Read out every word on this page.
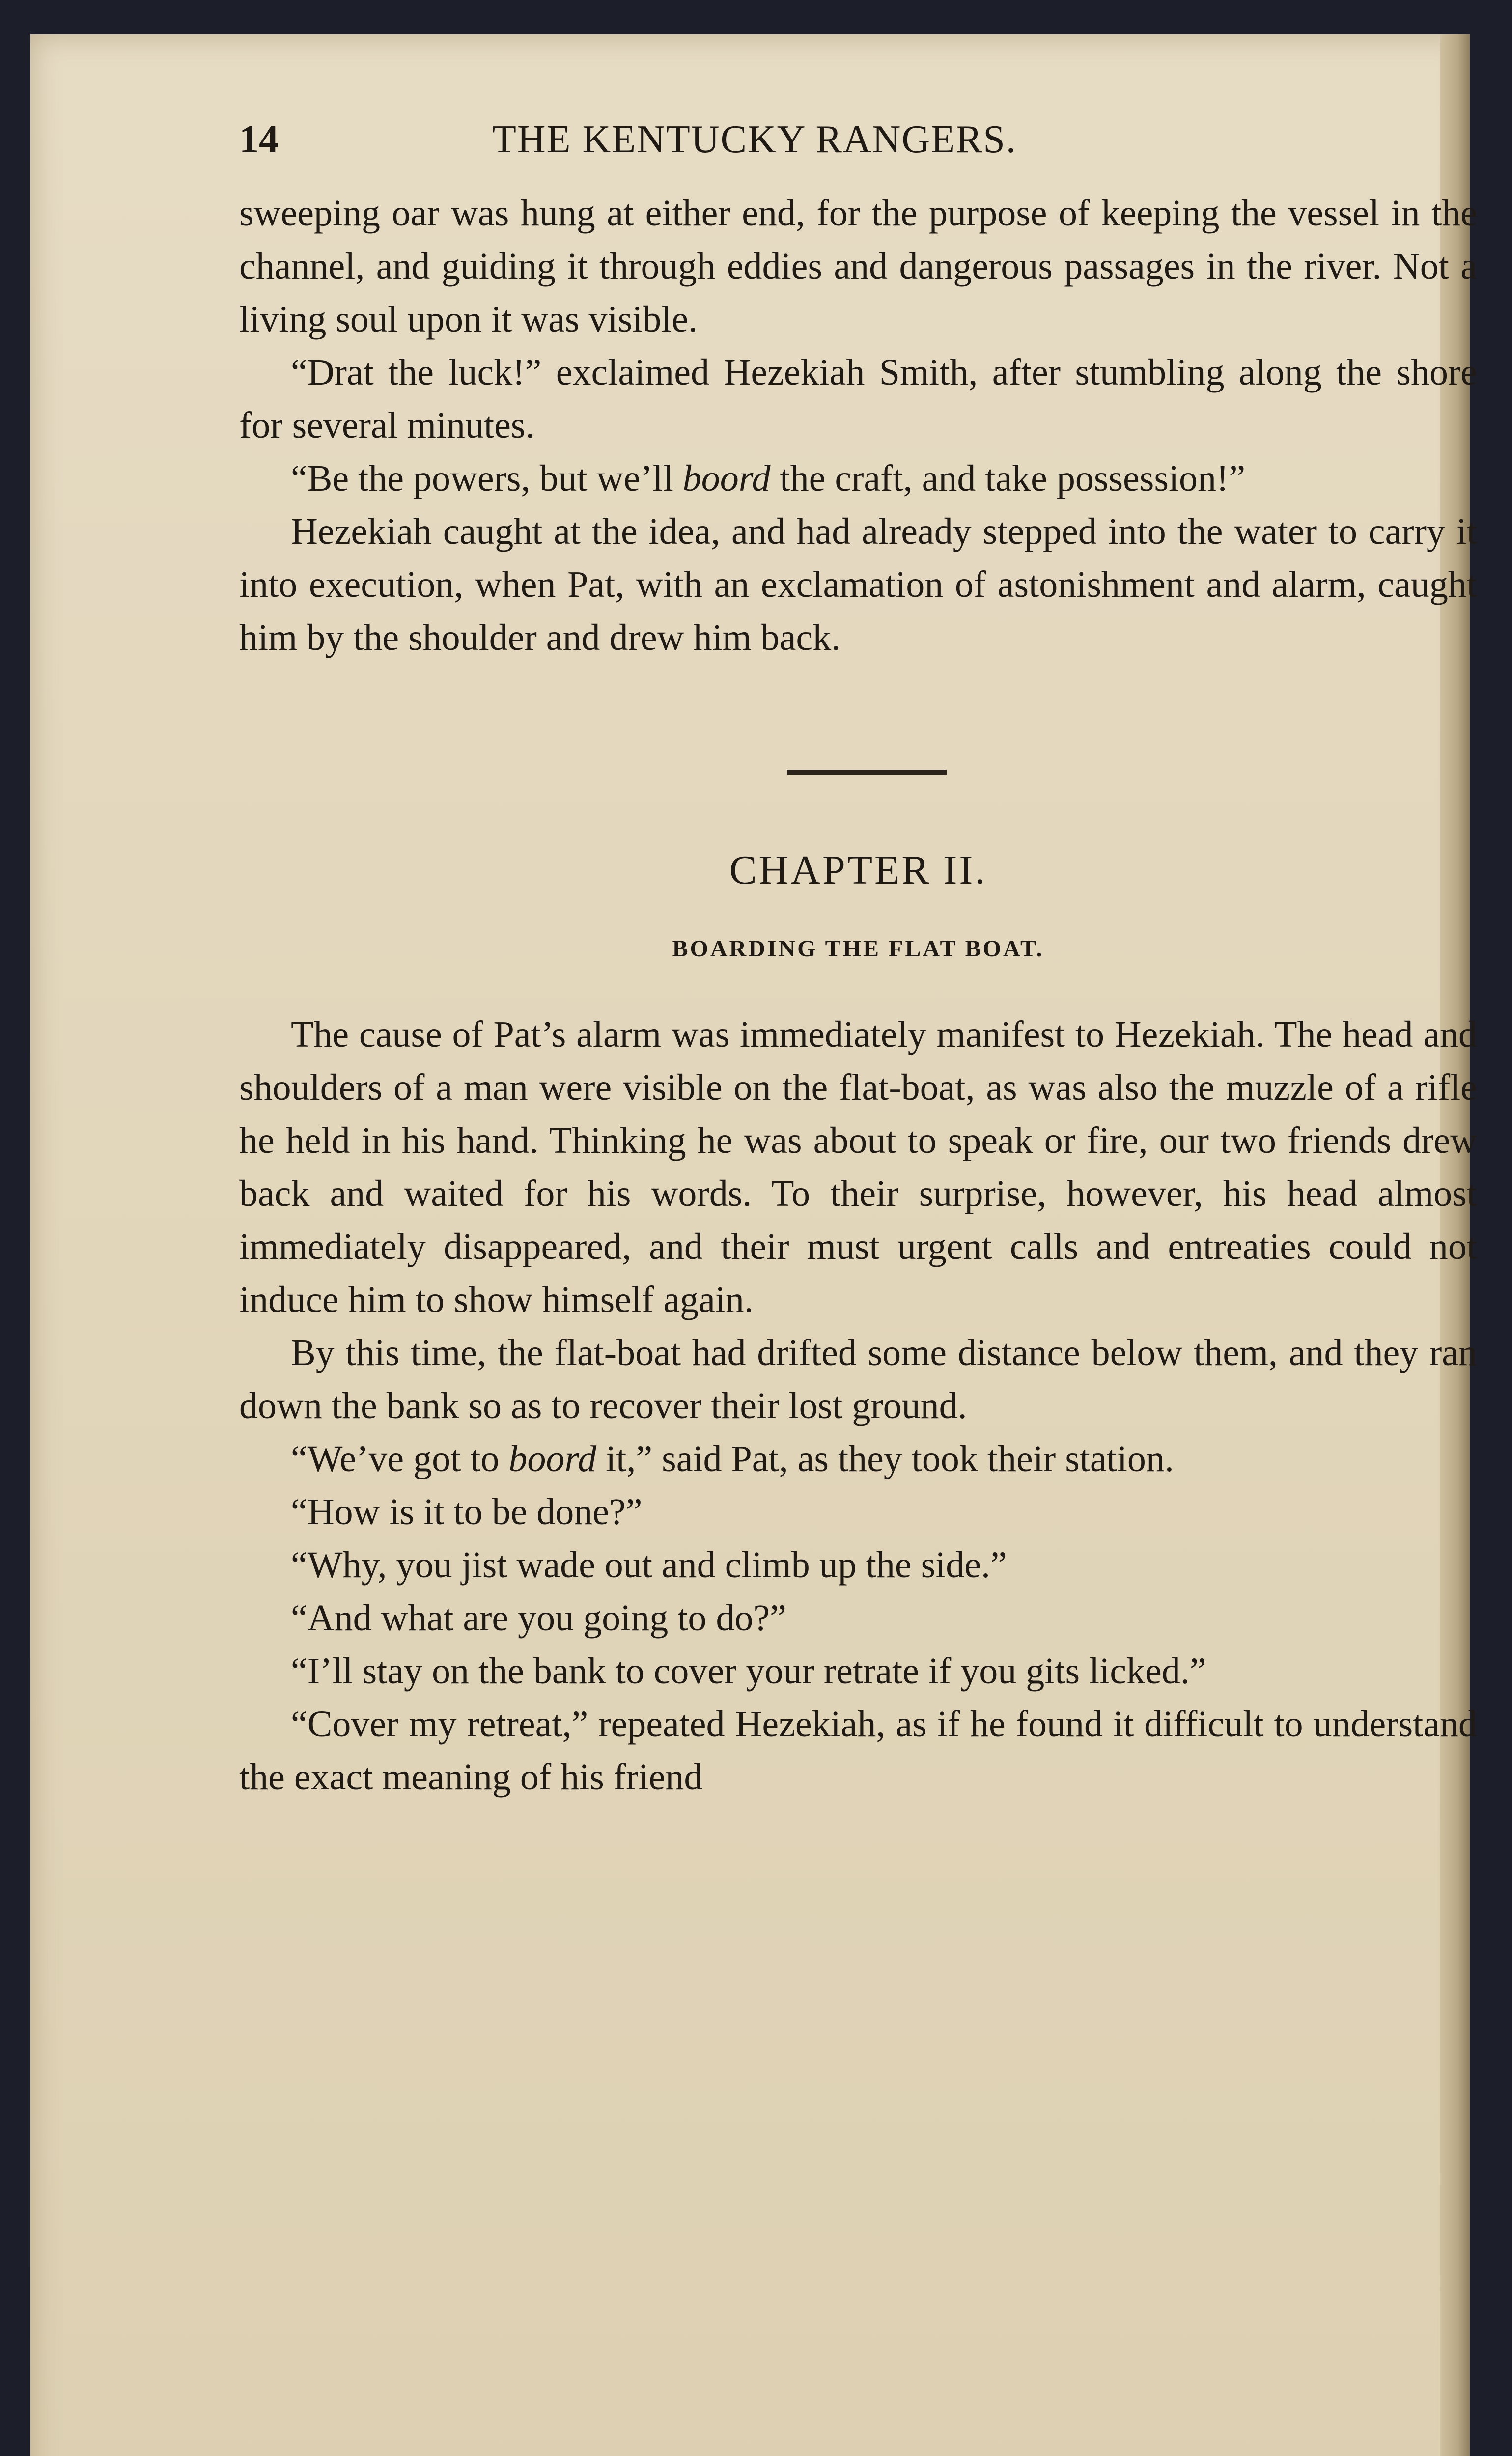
14	THE KENTUCKY RANGERS.

sweeping oar was hung at either end, for the purpose of keeping the vessel in the channel, and guiding it through eddies and dangerous passages in the river. Not a living soul upon it was visible.

“Drat the luck!” exclaimed Hezekiah Smith, after stumbling along the shore for several minutes.

“Be the powers, but we’ll boord the craft, and take possession!”

Hezekiah caught at the idea, and had already stepped into the water to carry it into execution, when Pat, with an exclamation of astonishment and alarm, caught him by the shoulder and drew him back.

CHAPTER II.
BOARDING THE FLAT BOAT.

The cause of Pat’s alarm was immediately manifest to Hezekiah. The head and shoulders of a man were visible on the flat-boat, as was also the muzzle of a rifle he held in his hand. Thinking he was about to speak or fire, our two friends drew back and waited for his words. To their surprise, however, his head almost immediately disappeared, and their must urgent calls and entreaties could not induce him to show himself again.

By this time, the flat-boat had drifted some distance below them, and they ran down the bank so as to recover their lost ground.

“We’ve got to boord it,” said Pat, as they took their station.

“How is it to be done?”

“Why, you jist wade out and climb up the side.”

“And what are you going to do?”

“I’ll stay on the bank to cover your retrate if you gits licked.”

“Cover my retreat,” repeated Hezekiah, as if he found it difficult to understand the exact meaning of his friend
